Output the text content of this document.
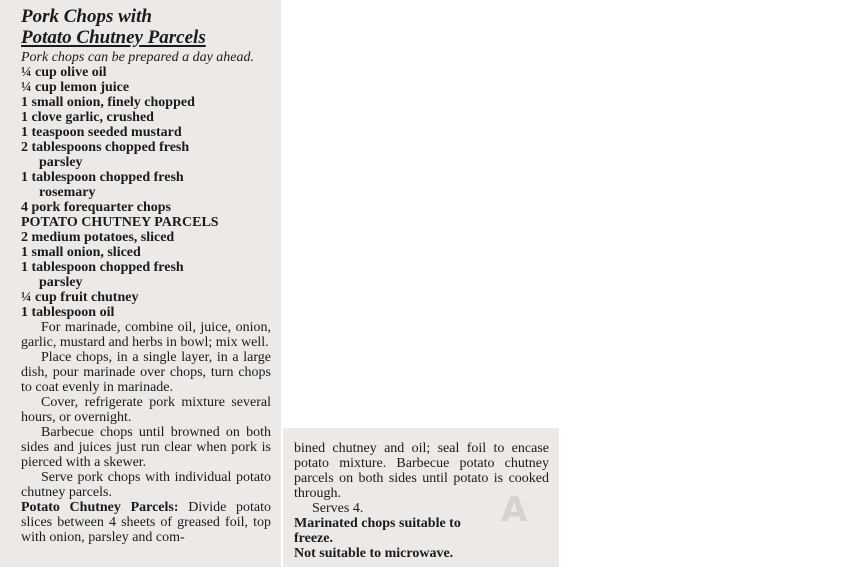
Pork Chops with
Potato Chutney Parcels
Pork chops can be prepared a day ahead.
¼ cup olive oil
¼ cup lemon juice
1 small onion, finely chopped
1 clove garlic, crushed
1 teaspoon seeded mustard
2 tablespoons chopped fresh
parsley
1 tablespoon chopped fresh
rosemary
4 pork forequarter chops
POTATO CHUTNEY PARCELS
2 medium potatoes, sliced
1 small onion, sliced
1 tablespoon chopped fresh
parsley
¼ cup fruit chutney
1 tablespoon oil
For marinade, combine oil, juice, onion, garlic, mustard and herbs in bowl; mix well.
Place chops, in a single layer, in a large dish, pour marinade over chops, turn chops to coat evenly in marinade.
Cover, refrigerate pork mixture several hours, or overnight.
Barbecue chops until browned on both sides and juices just run clear when pork is pierced with a skewer.
Serve pork chops with individual potato chutney parcels.
Potato Chutney Parcels: Divide potato slices between 4 sheets of greased foil, top with onion, parsley and com-
A
bined chutney and oil; seal foil to encase potato mixture. Barbecue potato chutney parcels on both sides until potato is cooked through.
Serves 4.
Marinated chops suitable to freeze.
Not suitable to microwave.
